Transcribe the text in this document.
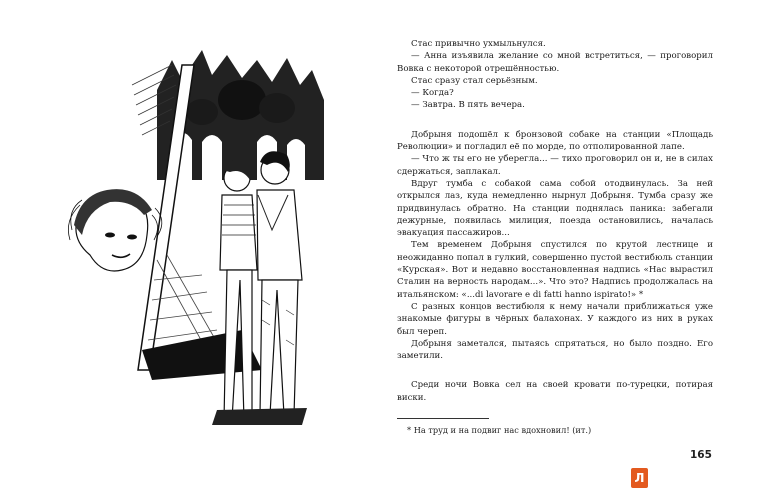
Стас привычно ухмыльнулся.

— Анна изъявила желание со мной встретиться, — проговорил Вовка с некоторой отрешённостью.

Стас сразу стал серьёзным.

— Когда?

— Завтра. В пять вечера.

Добрыня подошёл к бронзовой собаке на станции «Площадь Революции» и погладил её по морде, по отполированной лапе.

— Что ж ты его не уберегла... — тихо проговорил он и, не в силах сдержаться, заплакал.

Вдруг тумба с собакой сама собой отодвинулась. За ней открылся лаз, куда немедленно нырнул Добрыня. Тумба сразу же придвинулась обратно. На станции поднялась паника: забегали дежурные, появилась милиция, поезда остановились, началась эвакуация пассажиров...

Тем временем Добрыня спустился по крутой лестнице и неожиданно попал в гулкий, совершенно пустой вестибюль станции «Курская». Вот и недавно восстановленная надпись «Нас вырастил Сталин на верность народам...». Что это? Надпись продолжалась на итальянском: «...di lavorare e di fatti hanno ispirato!» *

С разных концов вестибюля к нему начали приближаться уже знакомые фигуры в чёрных балахонах. У каждого из них в руках был череп.

Добрыня заметался, пытаясь спрятаться, но было поздно. Его заметили.

Среди ночи Вовка сел на своей кровати по-турецки, потирая виски.

* На труд и на подвиг нас вдохновил! (ит.)

165
Л
